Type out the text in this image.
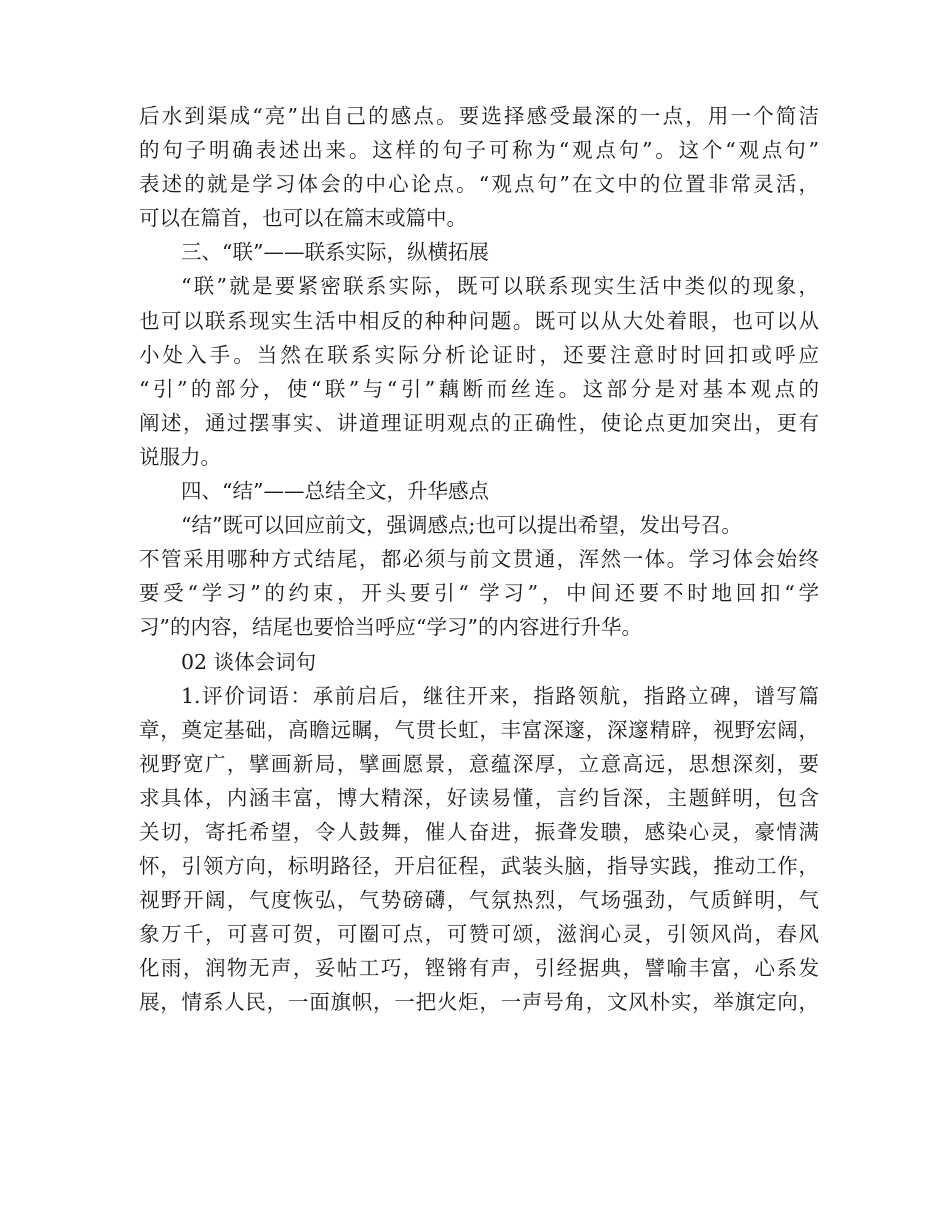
后水到渠成“亮”出自己的感点。要选择感受最深的一点，用一个简洁
的句子明确表述出来。这样的句子可称为“观点句”。这个“观点句”
表述的就是学习体会的中心论点。“观点句”在文中的位置非常灵活，
可以在篇首，也可以在篇末或篇中。
三、“联”——联系实际，纵横拓展
“联”就是要紧密联系实际，既可以联系现实生活中类似的现象，
也可以联系现实生活中相反的种种问题。既可以从大处着眼，也可以从
小处入手。当然在联系实际分析论证时，还要注意时时回扣或呼应
“引”的部分，使“联”与“引”藕断而丝连。这部分是对基本观点的
阐述，通过摆事实、讲道理证明观点的正确性，使论点更加突出，更有
说服力。
四、“结”——总结全文，升华感点
“结”既可以回应前文，强调感点;也可以提出希望，发出号召。
不管采用哪种方式结尾，都必须与前文贯通，浑然一体。学习体会始终
要受“学习”的约束，开头要引“ 学习”，中间还要不时地回扣“学
习”的内容，结尾也要恰当呼应“学习”的内容进行升华。
02 谈体会词句
1.评价词语：承前启后，继往开来，指路领航，指路立碑，谱写篇
章，奠定基础，高瞻远瞩，气贯长虹，丰富深邃，深邃精辟，视野宏阔，
视野宽广，擘画新局，擘画愿景，意蕴深厚，立意高远，思想深刻，要
求具体，内涵丰富，博大精深，好读易懂，言约旨深，主题鲜明，包含
关切，寄托希望，令人鼓舞，催人奋进，振聋发聩，感染心灵，豪情满
怀，引领方向，标明路径，开启征程，武装头脑，指导实践，推动工作，
视野开阔，气度恢弘，气势磅礴，气氛热烈，气场强劲，气质鲜明，气
象万千，可喜可贺，可圈可点，可赞可颂，滋润心灵，引领风尚，春风
化雨，润物无声，妥帖工巧，铿锵有声，引经据典，譬喻丰富，心系发
展，情系人民，一面旗帜，一把火炬，一声号角，文风朴实，举旗定向，
